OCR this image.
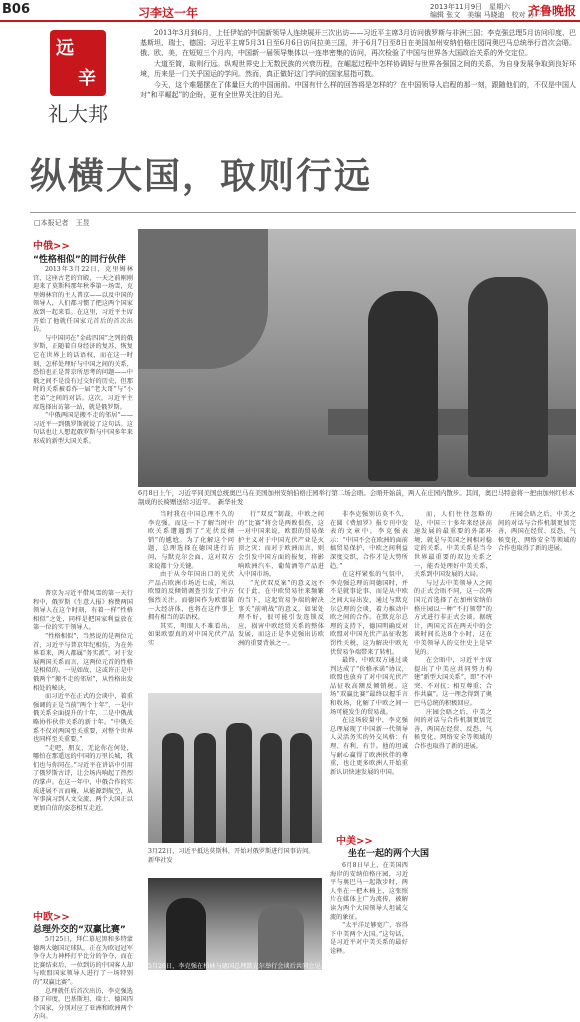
B06	习李这一年	2013年11月9日　星期六
编辑 张文　美编 马晓迪　校对 孙一
齐鲁晚报
远
辛
礼大邦

2013年3月到6月，上任伊始的中国新领导人连续展开三次出访——习近平主席3月访问俄罗斯与非洲三国；李克强总理5月访问印度、巴基斯坦、瑞士、德国；习近平主席5月31日至6月6日访问拉美三国，并于6月7日至8日在美国加州安纳伯格庄园同奥巴马总统举行首次会晤。俄、欧、美，在短短三个月内，中国新一届领导集体以一连串密集的访问，再次检验了中国与世界各大国政治关系的外交定位。

大道至简，取则行远。纵观世界史上无数民族的兴衰历程，在崛起过程中怎样协调好与世界各强国之间的关系，为自身发展争取到良好环境，历来是一门关乎国运的学问。然而，真正做好这门学问的国家屈指可数。

今天，这个难题摆在了体量巨大的中国面前。中国有什么样的回答将是怎样的？在中国领导人启程的那一刻，跟随他们的，不仅是中国人对“和平崛起”的企盼，更有全世界关注的目光。

纵横大国，取则行远
□本报记者　王昱
中俄>>
“性格相似”的同行伙伴

2013年3月22日，克里姆林宫，这座古老的宫殿，一天之前刚刚迎来了莫斯科那年秋季第一场雪，克里姆林宫的主人普京——以及中国的领导人，人们都习惯了把这两个国家放到一起来看。在这里，习近平主席开始了他就任国家元首后的首次出访。

与中国同在“金砖四国”之列的俄罗斯，正随着自身经济的复苏，恢复它在世界上的话语权，而在这一时刻，怎样处理好与中国之间的关系，恐怕也正是普京所思考的问题——中俄之间不是没有过交好的历史，但那时的关系被看作一届“老大哥”与“小老弟”之间的对话。这次，习近平主席选择出访第一站，就是俄罗斯。

“中俄两国是搬不走的邻居”——习近平一到俄罗斯就说了这句话。这句话也让人想起俄罗斯与中国多年来形成的新型大国关系。

普京为习近平借风雪的第一天行程中，俄罗斯《生意人报》称赞两国领导人在这个时刻，有着一样“性格相似”之处，同样是把国家利益放在第一位的实干领导人。

“性格相似”，当然说的是两位元首，习近平与普京年纪相仿，为在外界看来，两人都属“务实派”。对于发展两国关系而言，这两位元首的性格是相似的。一见如故，这或许正是中俄两个“搬不走的邻居”，从性格出发相处的秘诀。

而习近平在正式的会谈中，着重强调的正是当前“两个十年”，一是中俄关系全面提升的十年，二是中俄战略协作伙伴关系的新十年。“中俄关系不仅对两国至关重要，对整个世界也同样至关重要。”

“走吧，朋友，无论你在何处，哪怕在那遥远的中国的万里长城，我们也与你同在。”习近平在讲话中引用了俄罗斯古诗，让会场内响起了热烈的掌声。在这一年中，中俄合作的实质进展不言而喻，从能源到航空，从军事演习到人文交流，两个大国正以更加自信的姿态相互走近。

中欧>>
总理外交的“双赢比赛”

5月25日，拜仁慕尼黑和多特蒙德两大德国足球队，正在为欧冠冠军争夺大力神杯打平比分的争夺，而在比赛结束后，一位到访的中国客人却与欧盟国家领导人进行了一场特别的“双赢比赛”。

总理就任后首次出访，李克强选择了印度、巴基斯坦、瑞士、德国四个国家，分别对应了亚洲和欧洲两个方向。

6月8日上午，习近平同美国总统奥巴马在美国加州安纳伯格庄园举行第二场会晤。会晤开始前，两人在庄园内散步。其间，奥巴马特意将一把由加州红杉木制成的长椅赠送给习近平。　新华社发

当时我在中国总理不久的李克强，而这一下了解当时中欧关系遭遇到了“光伏反倾销”的尴尬。为了化解这个问题，总理选择在德国进行访问，与默克尔会面，这对双方来说都十分关键。

由于从今年国出口的光伏产品占欧洲市场近七成，所以欧盟的反倾销调查引发了中方强烈关注。而德国作为欧盟第一大经济体，也将在这件事上拥有相当的话语权。

其实，明眼人不难看出，如果欧盟真的对中国光伏产品实

行“双反”制裁，中欧之间的“比赛”将会是两败俱伤，这一对中国来说，欧盟的贸易保护主义对于中国光伏产业是灭顶之灾；而对于欧洲而言，则会引发中国方面的报复，将影响欧洲汽车、葡萄酒等产品进入中国市场。

“光伏双反案”的意义远不仅于此，在中欧贸易往来频繁的当下，这起贸易争端的解决事关“前哨战”的意义，如果处理不好，很可能引发连锁反应，损害中欧经贸关系的整体发展，而这正是李克强出访欧洲的重要背景之一。

3月22日，习近平抵达莫斯科，开始对俄罗斯进行国事访问。　新华社发
5月26日，李克强在柏林与德国总理默克尔举行会谈后共同会见记者。　新华社发

非李克强别访莫不久，在圆《费加罗》报专刊中发表的文章中，李克强表示：“中国不会在欧洲的面前搞贸易保护，中欧之间利益深度交织，合作才是大势所趋。”

在这样紧张的气氛中，李克强总理访问德国时，并不是就事论事，而是从中欧之间大局出发，通过与默克尔总理的会谈，着力推动中欧之间的合作。在默克尔总理的支持下，德国明确反对欧盟对中国光伏产品征收惩罚性关税，这为解决中欧光伏贸易争端带来了转机。

最终，中欧双方通过谈判达成了“价格承诺”协议，欧盟也放弃了对中国光伏产品征收高额反倾销税。这场“双赢比赛”最终以握手言和收场，化解了中欧之间一场可能发生的贸易战。

在这场较量中，李克强总理展现了中国新一代领导人灵活务实的外交风格：有理、有利、有节。他的坦诚与耐心赢得了欧洲伙伴的尊重，也让更多欧洲人开始重新认识快速发展的中国。

而，人们往往忽略的是，中国三十多年来经济高速发展的最重要的外部环境，就是与美国之间相对稳定的关系。中美关系是当今世界最重要的双边关系之一，能否处理好中美关系，关系到中国发展的大局。

与过去中美领导人之间的正式会晤不同，这一次两国元首选择了在加州安纳伯格庄园以一种“不打领带”的方式进行非正式会谈。据统计，两国元首在两天中的会谈时间长达8个小时，这在中美领导人的交往史上是罕见的。

在会晤中，习近平主席提出了中美应共同努力构建“新型大国关系”，即“不冲突、不对抗；相互尊重；合作共赢”。这一理念得到了奥巴马总统的积极回应。

庄园会晤之后，中美之间的对话与合作机制更加完善，两国在经贸、反恐、气候变化、网络安全等领域的合作也取得了新的进展。

庄园会晤之后，中美之间的对话与合作机制更加完善，两国在经贸、反恐、气候变化、网络安全等领域的合作也取得了新的进展。

中美>>
坐在一起的两个大国

6月8日早上，在美国西海岸的安纳伯格庄园，习近平与奥巴马一起散步时，两人坐在一把木椅上，这张照片在媒体上广为流传，被解读为两个大国领导人坦诚交流的象征。

“太平洋足够宽广，容得下中美两个大国。”这句话，是习近平对中美关系的最好诠释。
